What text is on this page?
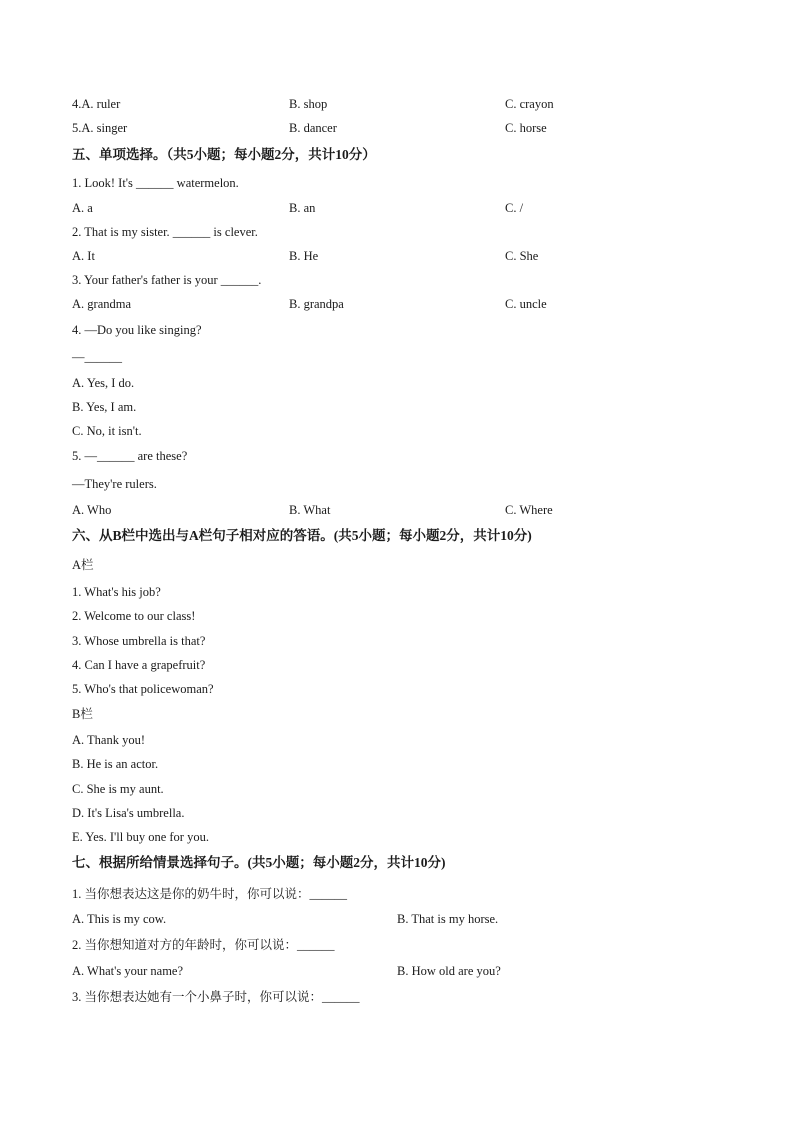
4.A. ruler	B. shop	C. crayon
5.A. singer	B. dancer	C. horse
五、单项选择。（共5小题；每小题2分，共计10分）
1. Look! It's ______ watermelon.
A. a	B. an	C. /
2. That is my sister. ______ is clever.
A. It	B. He	C. She
3. Your father's father is your ______.
A. grandma	B. grandpa	C. uncle
4. —Do you like singing?
—______
A. Yes, I do.
B. Yes, I am.
C. No, it isn't.
5. —______ are these?
—They're rulers.
A. Who	B. What	C. Where
六、从B栏中选出与A栏句子相对应的答语。(共5小题；每小题2分，共计10分)
A栏
1. What's his job?
2. Welcome to our class!
3. Whose umbrella is that?
4. Can I have a grapefruit?
5. Who's that policewoman?
B栏
A. Thank you!
B. He is an actor.
C. She is my aunt.
D. It's Lisa's umbrella.
E. Yes. I'll buy one for you.
七、根据所给情景选择句子。(共5小题；每小题2分，共计10分)
1. 当你想表达这是你的奶牛时，你可以说：______
A. This is my cow.	B. That is my horse.
2. 当你想知道对方的年龄时，你可以说：______
A. What's your name?	B. How old are you?
3. 当你想表达她有一个小鼻子时，你可以说：______
